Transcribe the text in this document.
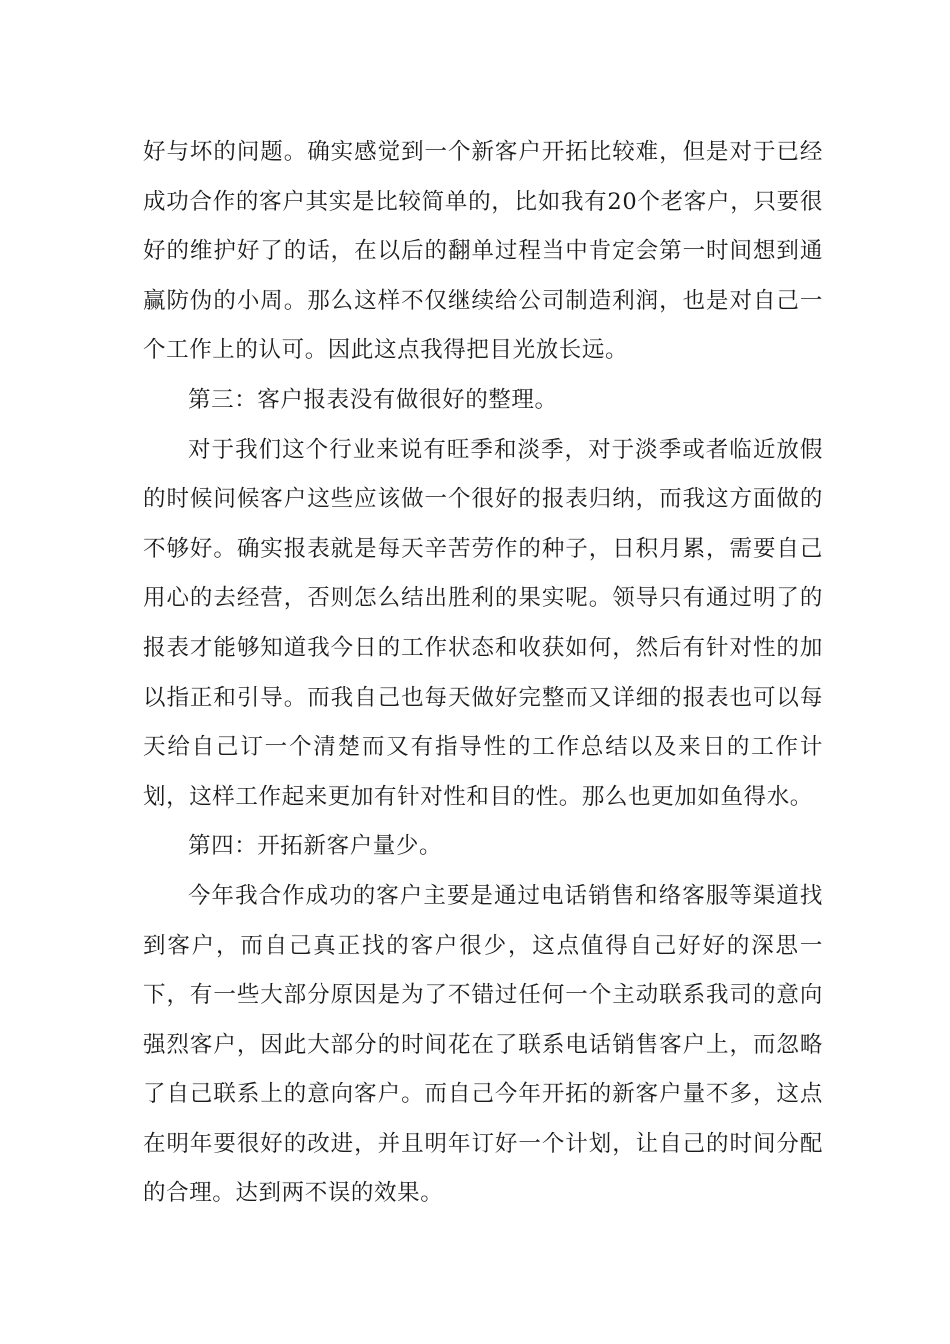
好与坏的问题。确实感觉到一个新客户开拓比较难，但是对于已经成功合作的客户其实是比较简单的，比如我有20个老客户，只要很好的维护好了的话，在以后的翻单过程当中肯定会第一时间想到通赢防伪的小周。那么这样不仅继续给公司制造利润，也是对自己一个工作上的认可。因此这点我得把目光放长远。

第三：客户报表没有做很好的整理。

对于我们这个行业来说有旺季和淡季，对于淡季或者临近放假的时候问候客户这些应该做一个很好的报表归纳，而我这方面做的不够好。确实报表就是每天辛苦劳作的种子，日积月累，需要自己用心的去经营，否则怎么结出胜利的果实呢。领导只有通过明了的报表才能够知道我今日的工作状态和收获如何，然后有针对性的加以指正和引导。而我自己也每天做好完整而又详细的报表也可以每天给自己订一个清楚而又有指导性的工作总结以及来日的工作计划，这样工作起来更加有针对性和目的性。那么也更加如鱼得水。

第四：开拓新客户量少。

今年我合作成功的客户主要是通过电话销售和络客服等渠道找到客户，而自己真正找的客户很少，这点值得自己好好的深思一下，有一些大部分原因是为了不错过任何一个主动联系我司的意向强烈客户，因此大部分的时间花在了联系电话销售客户上，而忽略了自己联系上的意向客户。而自己今年开拓的新客户量不多，这点在明年要很好的改进，并且明年订好一个计划，让自己的时间分配的合理。达到两不误的效果。
